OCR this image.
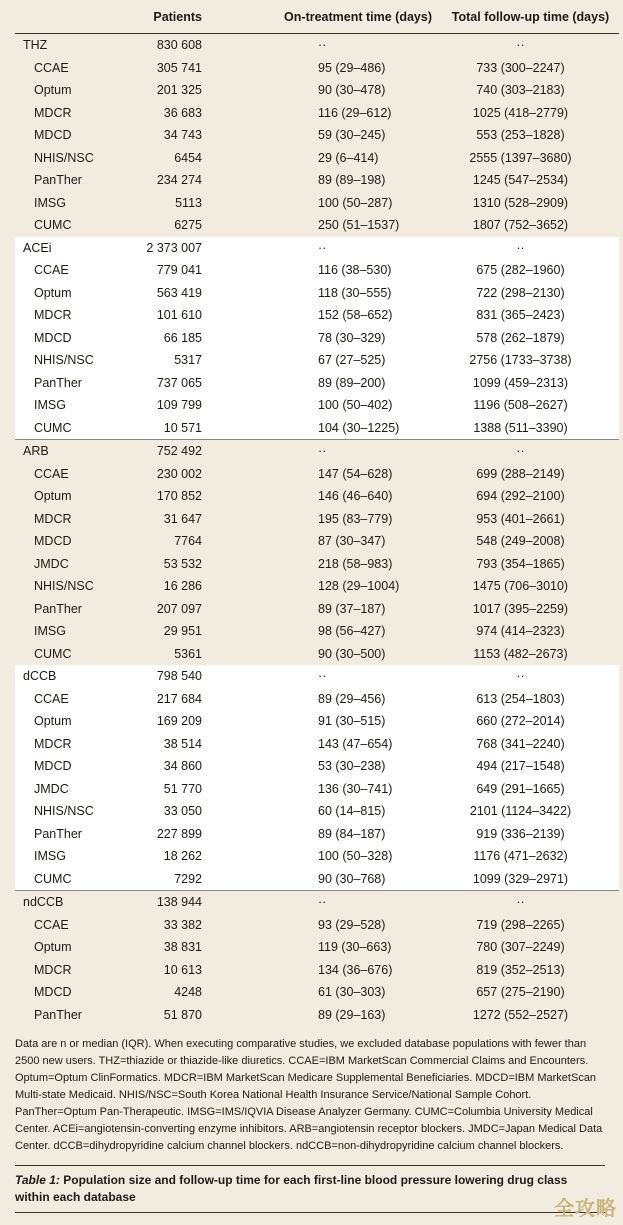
	Patients	On-treatment time (days)	Total follow-up time (days)
THZ	830 608	··	··
CCAE	305 741	95 (29–486)	733 (300–2247)
Optum	201 325	90 (30–478)	740 (303–2183)
MDCR	36 683	116 (29–612)	1025 (418–2779)
MDCD	34 743	59 (30–245)	553 (253–1828)
NHIS/NSC	6454	29 (6–414)	2555 (1397–3680)
PanTher	234 274	89 (89–198)	1245 (547–2534)
IMSG	5113	100 (50–287)	1310 (528–2909)
CUMC	6275	250 (51–1537)	1807 (752–3652)
ACEi	2 373 007	··	··
CCAE	779 041	116 (38–530)	675 (282–1960)
Optum	563 419	118 (30–555)	722 (298–2130)
MDCR	101 610	152 (58–652)	831 (365–2423)
MDCD	66 185	78 (30–329)	578 (262–1879)
NHIS/NSC	5317	67 (27–525)	2756 (1733–3738)
PanTher	737 065	89 (89–200)	1099 (459–2313)
IMSG	109 799	100 (50–402)	1196 (508–2627)
CUMC	10 571	104 (30–1225)	1388 (511–3390)
ARB	752 492	··	··
CCAE	230 002	147 (54–628)	699 (288–2149)
Optum	170 852	146 (46–640)	694 (292–2100)
MDCR	31 647	195 (83–779)	953 (401–2661)
MDCD	7764	87 (30–347)	548 (249–2008)
JMDC	53 532	218 (58–983)	793 (354–1865)
NHIS/NSC	16 286	128 (29–1004)	1475 (706–3010)
PanTher	207 097	89 (37–187)	1017 (395–2259)
IMSG	29 951	98 (56–427)	974 (414–2323)
CUMC	5361	90 (30–500)	1153 (482–2673)
dCCB	798 540	··	··
CCAE	217 684	89 (29–456)	613 (254–1803)
Optum	169 209	91 (30–515)	660 (272–2014)
MDCR	38 514	143 (47–654)	768 (341–2240)
MDCD	34 860	53 (30–238)	494 (217–1548)
JMDC	51 770	136 (30–741)	649 (291–1665)
NHIS/NSC	33 050	60 (14–815)	2101 (1124–3422)
PanTher	227 899	89 (84–187)	919 (336–2139)
IMSG	18 262	100 (50–328)	1176 (471–2632)
CUMC	7292	90 (30–768)	1099 (329–2971)
ndCCB	138 944	··	··
CCAE	33 382	93 (29–528)	719 (298–2265)
Optum	38 831	119 (30–663)	780 (307–2249)
MDCR	10 613	134 (36–676)	819 (352–2513)
MDCD	4248	61 (30–303)	657 (275–2190)
PanTher	51 870	89 (29–163)	1272 (552–2527)
Data are n or median (IQR). When executing comparative studies, we excluded database populations with fewer than 2500 new users. THZ=thiazide or thiazide-like diuretics. CCAE=IBM MarketScan Commercial Claims and Encounters. Optum=Optum ClinFormatics. MDCR=IBM MarketScan Medicare Supplemental Beneficiaries. MDCD=IBM MarketScan Multi-state Medicaid. NHIS/NSC=South Korea National Health Insurance Service/National Sample Cohort. PanTher=Optum Pan-Therapeutic. IMSG=IMS/IQVIA Disease Analyzer Germany. CUMC=Columbia University Medical Center. ACEi=angiotensin-converting enzyme inhibitors. ARB=angiotensin receptor blockers. JMDC=Japan Medical Data Center. dCCB=dihydropyridine calcium channel blockers. ndCCB=non-dihydropyridine calcium channel blockers.
Table 1: Population size and follow-up time for each first-line blood pressure lowering drug class within each database	全攻略
